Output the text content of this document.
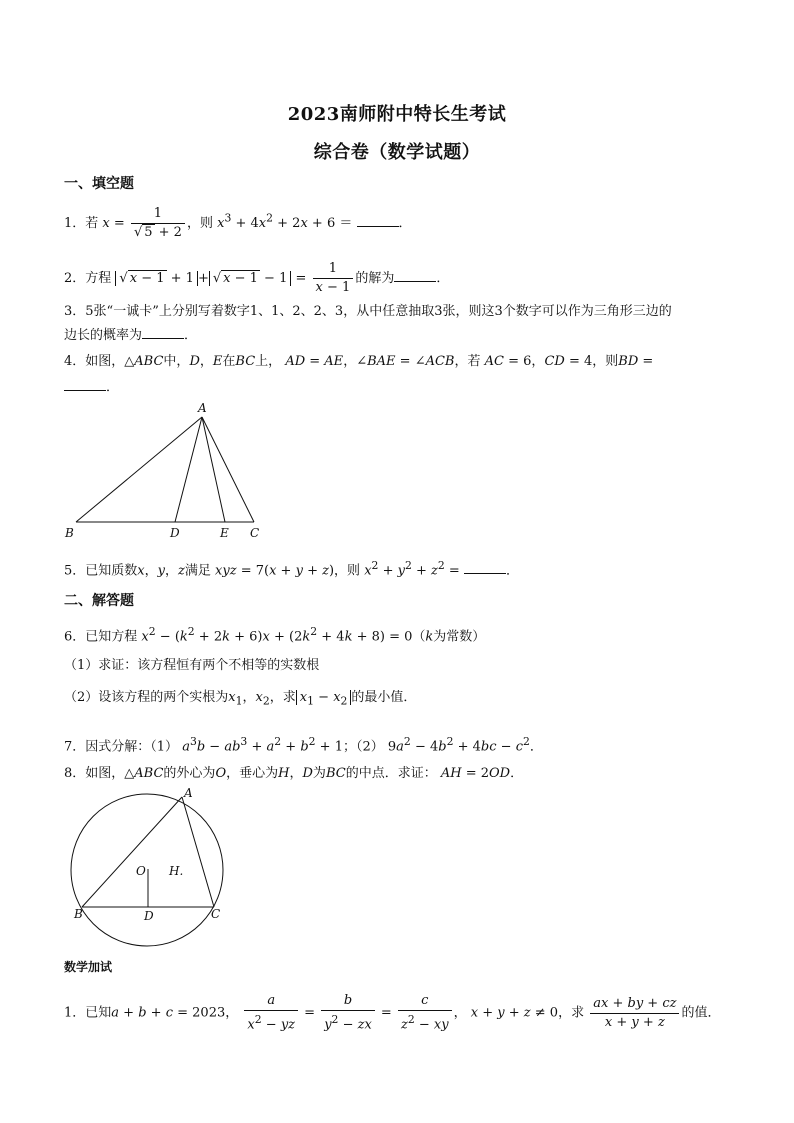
2023南师附中特长生考试
综合卷（数学试题）
一、填空题
1．若 $x = \frac{1}{√ 5 + 2}$ ，则 $x^3 + 4x^2 + 2x + 6$ ＝	．
2．方程 √ x − 1 + 1 + √ $x - 1 - 1 = \frac{1}{x - 1}$ 的解为	．
3．5张“一诚卡”上分别写着数字1、1、2、2、3，从中任意抽取3张，则这3个数字可以作为三角形三边的
边长的概率为	．
4．如图，△ABC中，D，E在BC上， AD = AE，∠BAE = ∠ACB，若 AC = 6，CD = 4，则BD =
．
A
B	D	E C
5．已知质数x，y，z满足 xyz = 7(x + y + z)，则 $x^2 + y^2 + z^2$ =	．
二、解答题
6．已知方程 $x^2 - (k^2 + 2k + 6)x + (2k^2 + 4k + 8) = 0(k$为常数）
（1）求证：该方程恒有两个不相等的实数根
（2）设该方程的两个实根为$x_1$，$x_2$，求 $x_1 - x_2$ 的最小值．
7．因式分解：（1） $a^3b - ab^3 + a^2 + b^2 + 1$；（2） $9a^2 - 4b^2 + 4bc - c^2$．
8．如图，△ABC的外心为O，垂心为H，D为BC的中点．求证： AH = 2OD．
A
B	C
D
O H.
数学加试
1．已知a + b + c = 2023， $\frac{a}{x^2 - yz} = \frac{b}{y^2 - zx} = \frac{c}{z^2 - xy}$ ， x + y + z ≠ 0，求 $\frac{ax + by + cz}{x + y + z}$ 的值．
